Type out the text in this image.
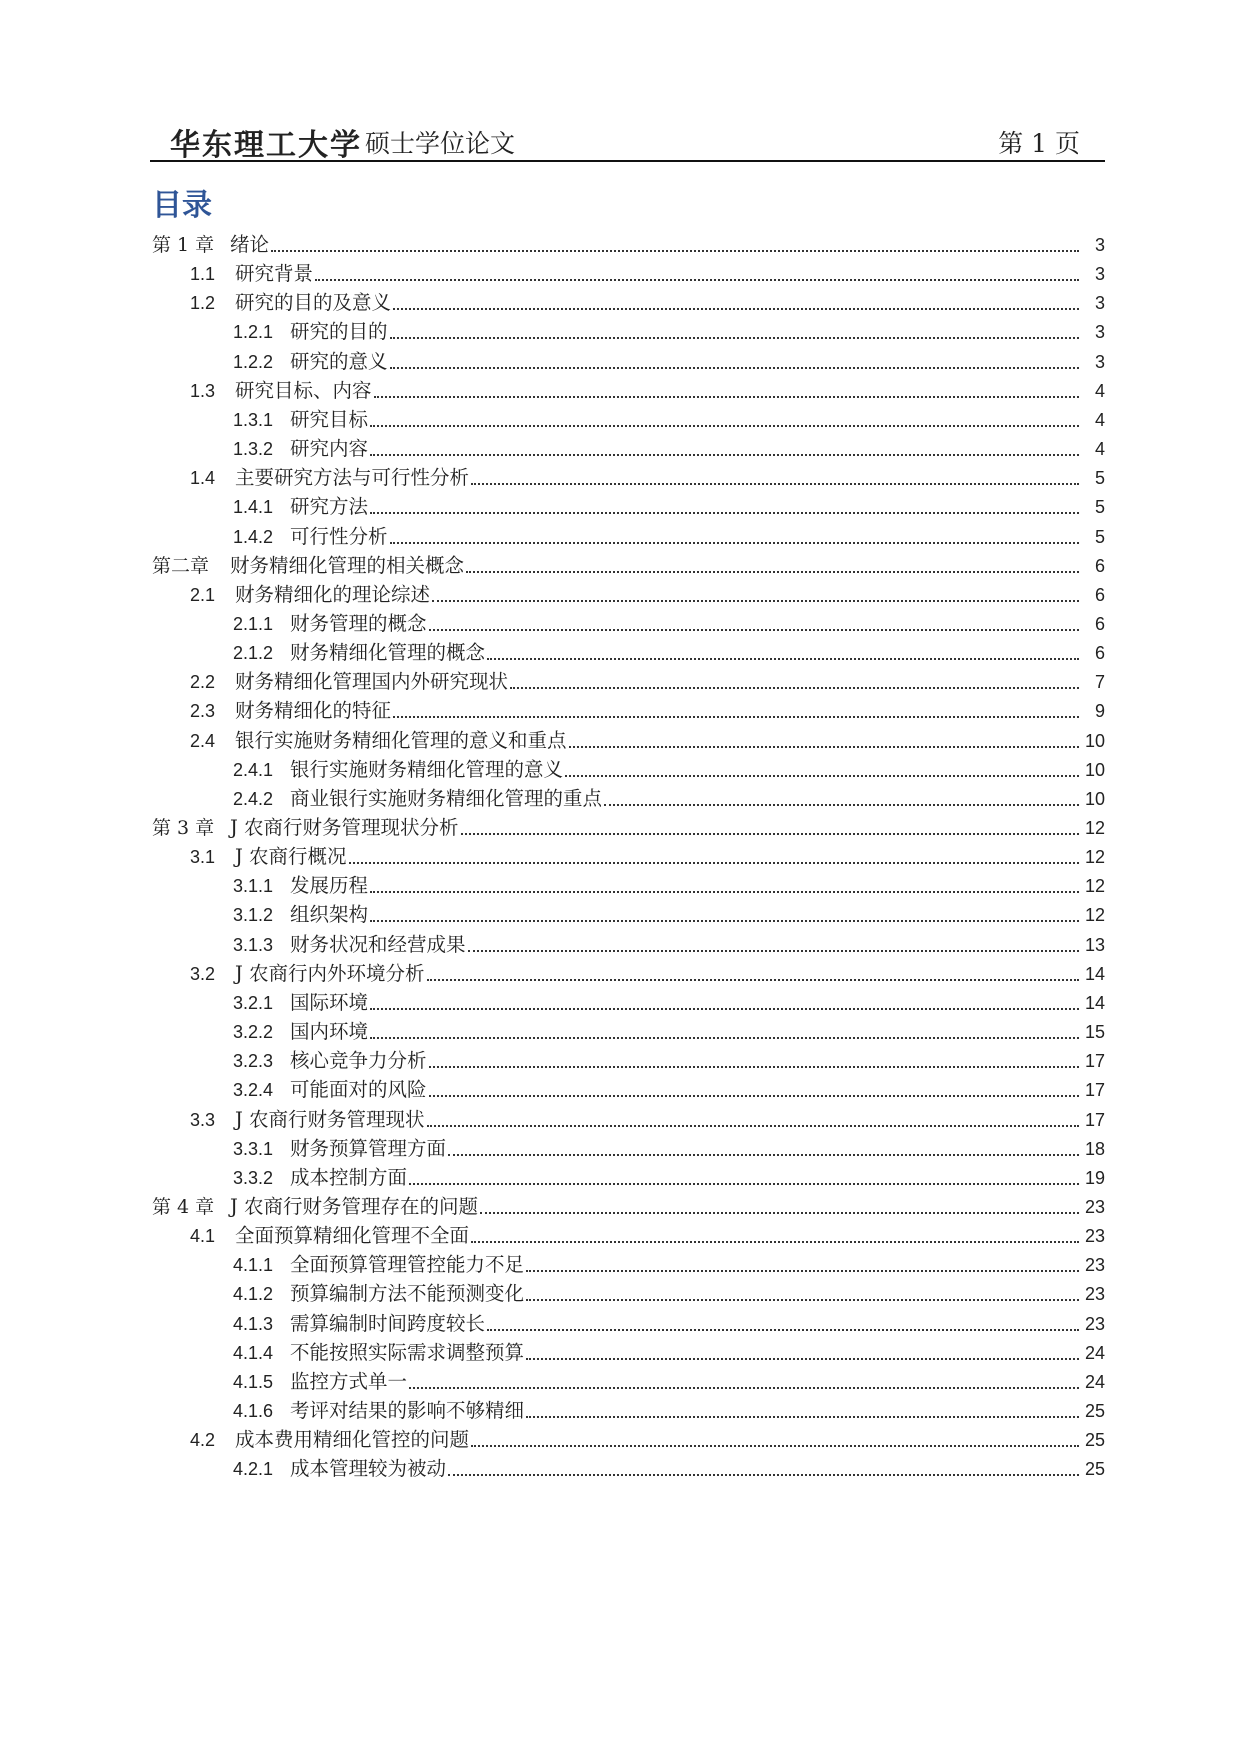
华东理工大学 硕士学位论文	第 1 页
目录
第 1 章 绪论	3
1.1	研究背景	3
1.2	研究的目的及意义	3
1.2.1 研究的目的	3
1.2.2 研究的意义	3
1.3	研究目标、内容	4
1.3.1 研究目标	4
1.3.2 研究内容	4
1.4	主要研究方法与可行性分析	5
1.4.1 研究方法	5
1.4.2 可行性分析	5
第二章	财务精细化管理的相关概念	6
2.1	财务精细化的理论综述	6
2.1.1 财务管理的概念	6
2.1.2 财务精细化管理的概念	6
2.2	财务精细化管理国内外研究现状	7
2.3	财务精细化的特征	9
2.4	银行实施财务精细化管理的意义和重点	10
2.4.1 银行实施财务精细化管理的意义	10
2.4.2 商业银行实施财务精细化管理的重点	10
第 3 章 J 农商行财务管理现状分析	12
3.1	J 农商行概况	12
3.1.1 发展历程	12
3.1.2 组织架构	12
3.1.3 财务状况和经营成果	13
3.2	J 农商行内外环境分析	14
3.2.1 国际环境	14
3.2.2 国内环境	15
3.2.3 核心竞争力分析	17
3.2.4 可能面对的风险	17
3.3	J 农商行财务管理现状	17
3.3.1 财务预算管理方面	18
3.3.2 成本控制方面	19
第 4 章 J 农商行财务管理存在的问题	23
4.1	全面预算精细化管理不全面	23
4.1.1 全面预算管理管控能力不足	23
4.1.2 预算编制方法不能预测变化	23
4.1.3 需算编制时间跨度较长	23
4.1.4 不能按照实际需求调整预算	24
4.1.5 监控方式单一	24
4.1.6 考评对结果的影响不够精细	25
4.2	成本费用精细化管控的问题	25
4.2.1 成本管理较为被动	25
